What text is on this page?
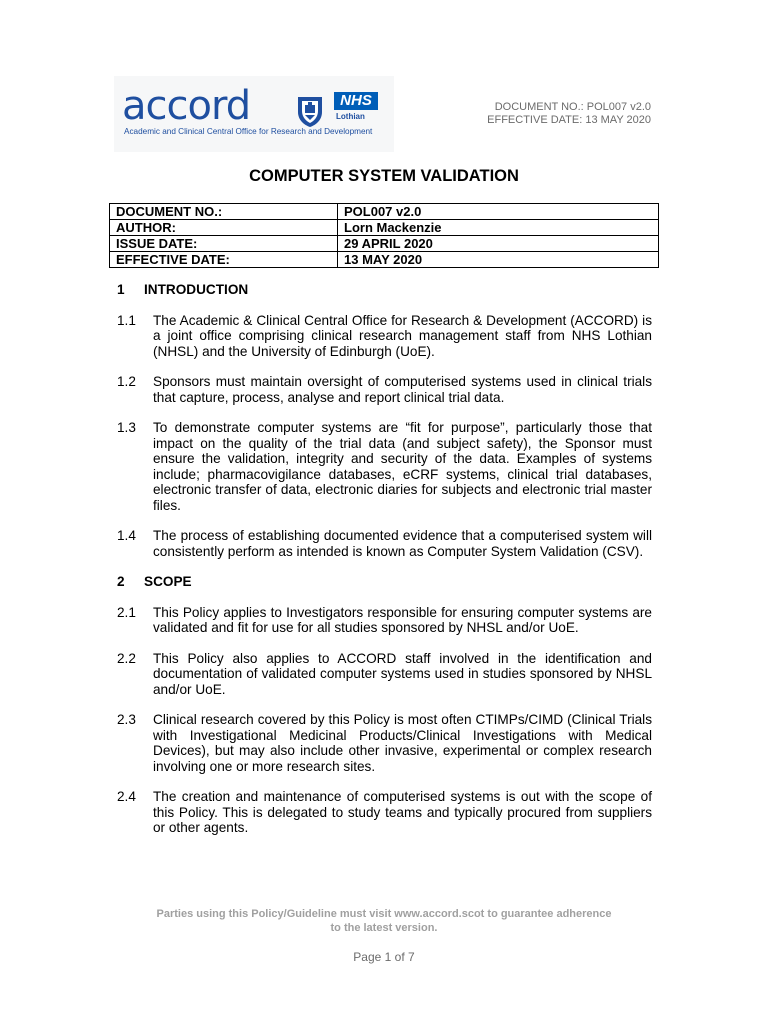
accord
Academic and Clinical Central Office for Research and Development
NHS
Lothian
DOCUMENT NO.: POL007 v2.0
EFFECTIVE DATE: 13 MAY 2020
COMPUTER SYSTEM VALIDATION
DOCUMENT NO.:	POL007 v2.0
AUTHOR:	Lorn Mackenzie
ISSUE DATE:	29 APRIL 2020
EFFECTIVE DATE:	13 MAY 2020
1 INTRODUCTION
1.1	The Academic & Clinical Central Office for Research & Development (ACCORD) is a joint office comprising clinical research management staff from NHS Lothian (NHSL) and the University of Edinburgh (UoE).
1.2	Sponsors must maintain oversight of computerised systems used in clinical trials that capture, process, analyse and report clinical trial data.
1.3	To demonstrate computer systems are “fit for purpose”, particularly those that impact on the quality of the trial data (and subject safety), the Sponsor must ensure the validation, integrity and security of the data. Examples of systems include; pharmacovigilance databases, eCRF systems, clinical trial databases, electronic transfer of data, electronic diaries for subjects and electronic trial master files.
1.4	The process of establishing documented evidence that a computerised system will consistently perform as intended is known as Computer System Validation (CSV).
2 SCOPE
2.1	This Policy applies to Investigators responsible for ensuring computer systems are validated and fit for use for all studies sponsored by NHSL and/or UoE.
2.2	This Policy also applies to ACCORD staff involved in the identification and documentation of validated computer systems used in studies sponsored by NHSL and/or UoE.
2.3	Clinical research covered by this Policy is most often CTIMPs/CIMD (Clinical Trials with Investigational Medicinal Products/Clinical Investigations with Medical Devices), but may also include other invasive, experimental or complex research involving one or more research sites.
2.4	The creation and maintenance of computerised systems is out with the scope of this Policy. This is delegated to study teams and typically procured from suppliers or other agents.
Parties using this Policy/Guideline must visit www.accord.scot to guarantee adherence
to the latest version.
Page 1 of 7
